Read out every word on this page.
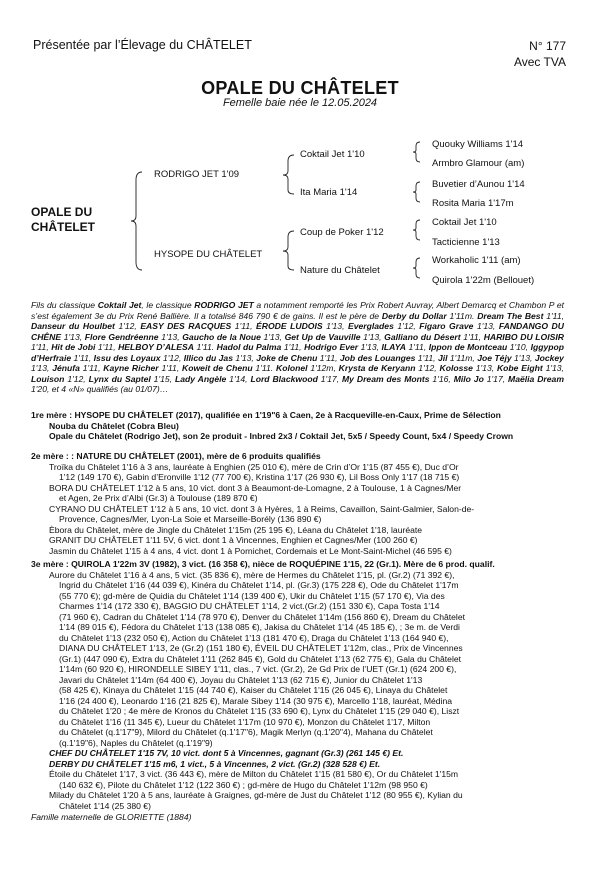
Présentée par l’Élevage du CHÂTELET	N° 177
Avec TVA
OPALE DU CHÂTELET
Femelle baie née le 12.05.2024
OPALE DU
CHÂTELET
RODRIGO JET 1'09
HYSOPE DU CHÂTELET
Coktail Jet 1'10
Ita Maria 1'14
Coup de Poker 1'12
Nature du Châtelet
Quouky Williams 1'14
Armbro Glamour (am)
Buvetier d’Aunou 1'14
Rosita Maria 1'17m
Coktail Jet 1'10
Tacticienne 1'13
Workaholic 1'11 (am)
Quirola 1'22m (Bellouet)
Fils du classique Coktail Jet, le classique RODRIGO JET a notamment remporté les Prix Robert Auvray, Albert Demarcq et Chambon P et s’est également 3e du Prix René Ballière. Il a totalisé 846 790 € de gains. Il est le père de Derby du Dollar 1'11m. Dream The Best 1'11, Danseur du Houlbet 1'12, EASY DES RACQUES 1'11, ÉRODE LUDOIS 1'13, Everglades 1'12, Figaro Grave 1'13, FANDANGO DU CHÊNE 1'13, Flore Gendréenne 1'13, Gaucho de la Noue 1'13, Get Up de Vauville 1'13, Galliano du Désert 1'11, HARIBO DU LOISIR 1'11, Hit de Jobi 1'11, HELBOY D’ALESA 1'11. Hadol du Palma 1'11, Hodrigo Ever 1'13, ILAYA 1'11, Ippon de Montceau 1'10, Iggypop d’Herfraie 1'11, Issu des Loyaux 1'12, Illico du Jas 1'13, Joke de Chenu 1'11, Job des Louanges 1'11, Jil 1'11m, Joe Téjy 1'13, Jockey 1'13, Jénufa 1'11, Kayne Richer 1'11, Koweit de Chenu 1'11. Kolonel 1'12m, Krysta de Keryann 1'12, Kolosse 1'13, Kobe Eight 1'13, Louison 1'12, Lynx du Saptel 1'15, Lady Angèle 1'14, Lord Blackwood 1'17, My Dream des Monts 1'16, Milo Jo 1'17, Maëlia Dream 1'20, et 4 «N» qualifiés (au 01/07)…
1re mère : HYSOPE DU CHÂTELET (2017), qualifiée en 1'19"6 à Caen, 2e à Racqueville-en-Caux, Prime de Sélection
Nouba du Châtelet (Cobra Bleu)
Opale du Châtelet (Rodrigo Jet), son 2e produit - Inbred 2x3 / Coktail Jet, 5x5 / Speedy Count, 5x4 / Speedy Crown
2e mère : : NATURE DU CHÂTELET (2001), mère de 6 produits qualifiés
Troïka du Châtelet 1'16 à 3 ans, lauréate à Enghien (25 010 €), mère de Crin d’Or 1'15 (87 455 €), Duc d’Or
1'12 (149 170 €), Gabin d’Eronville 1'12 (77 700 €), Kristina 1'17 (26 930 €), Lil Boss Only 1'17 (18 715 €)
BORA DU CHÂTELET 1'12 à 5 ans, 10 vict. dont 3 à Beaumont-de-Lomagne, 2 à Toulouse, 1 à Cagnes/Mer
et Agen, 2e Prix d’Albi (Gr.3) à Toulouse (189 870 €)
CYRANO DU CHÂTELET 1'12 à 5 ans, 10 vict. dont 3 à Hyères, 1 à Reims, Cavaillon, Saint-Galmier, Salon-de-
Provence, Cagnes/Mer, Lyon-La Soie et Marseille-Borély (136 890 €)
Èbora du Châtelet, mère de Jingle du Châtelet 1'15m (25 195 €), Léana du Châtelet 1'18, lauréate
GRANIT DU CHÂTELET 1'11 5V, 6 vict. dont 1 à Vincennes, Enghien et Cagnes/Mer (100 260 €)
Jasmin du Châtelet 1'15 à 4 ans, 4 vict. dont 1 à Pornichet, Cordemais et Le Mont-Saint-Michel (46 595 €)
3e mère : QUIROLA 1'22m 3V (1982), 3 vict. (16 358 €), nièce de ROQUÉPINE 1'15, 22 (Gr.1). Mère de 6 prod. qualif.
Aurore du Châtelet 1'16 à 4 ans, 5 vict. (35 836 €), mère de Hermes du Châtelet 1'15, pl. (Gr.2) (71 392 €),
Ingrid du Châtelet 1'16 (44 039 €), Kinéra du Châtelet 1'14, pl. (Gr.3) (175 228 €), Ode du Châtelet 1'17m
(55 770 €); gd-mère de Quidia du Châtelet 1'14 (139 400 €), Ukir du Châtelet 1'15 (57 170 €), Via des
Charmes 1'14 (172 330 €), BAGGIO DU CHÂTELET 1'14, 2 vict.(Gr.2) (151 330 €), Capa Tosta 1'14
(71 960 €), Cadran du Châtelet 1'14 (78 970 €), Denver du Châtelet 1'14m (156 860 €), Dream du Châtelet
1'14 (89 015 €), Fédora du Châtelet 1'13 (138 085 €), Jakisa du Châtelet 1'14 (45 185 €), ; 3e m. de Verdi
du Châtelet 1'13 (232 050 €), Action du Châtelet 1'13 (181 470 €), Draga du Châtelet 1'13 (164 940 €),
DIANA DU CHÂTELET 1'13, 2e (Gr.2) (151 180 €), ÉVEIL DU CHÂTELET 1'12m, clas., Prix de Vincennes
(Gr.1) (447 090 €), Extra du Châtelet 1'11 (262 845 €), Gold du Châtelet 1'13 (62 775 €), Gala du Châtelet
1'14m (60 920 €), HIRONDELLE SIBEY 1'11, clas., 7 vict. (Gr.2), 2e Gd Prix de l’UET (Gr.1) (624 200 €),
Javari du Châtelet 1'14m (64 400 €), Joyau du Châtelet 1'13 (62 715 €), Junior du Châtelet 1'13
(58 425 €), Kinaya du Châtelet 1'15 (44 740 €), Kaiser du Châtelet 1'15 (26 045 €), Linaya du Châtelet
1'16 (24 400 €), Leonardo 1'16 (21 825 €), Marale Sibey 1'14 (30 975 €), Marcello 1'18, lauréat, Médina
du Châtelet 1'20 ; 4e mère de Kronos du Châtelet 1'15 (33 690 €), Lynx du Châtelet 1'15 (29 040 €), Liszt
du Châtelet 1'16 (11 345 €), Lueur du Châtelet 1'17m (10 970 €), Monzon du Châtelet 1'17, Milton
du Châtelet (q.1'17"9), Milord du Châtelet (q.1'17"6), Magik Merlyn (q.1'20"4), Mahana du Châtelet
(q.1'19"6), Naples du Châtelet (q.1'19"9)
CHEF DU CHÂTELET 1'15 7V, 10 vict. dont 5 à Vincennes, gagnant (Gr.3) (261 145 €) Et.
DERBY DU CHÂTELET 1'15 m6, 1 vict., 5 à Vincennes, 2 vict. (Gr.2) (328 528 €) Et.
Étoile du Châtelet 1'17, 3 vict. (36 443 €), mère de Milton du Châtelet 1'15 (81 580 €), Or du Châtelet 1'15m
(140 632 €), Pilote du Châtelet 1'12 (122 360 €) ; gd-mère de Hugo du Châtelet 1'12m (98 950 €)
Milady du Châtelet 1'20 à 5 ans, lauréate à Graignes, gd-mère de Just du Châtelet 1'12 (80 955 €), Kylian du
Châtelet 1'14 (25 380 €)
Famille maternelle de GLORIETTE (1884)
